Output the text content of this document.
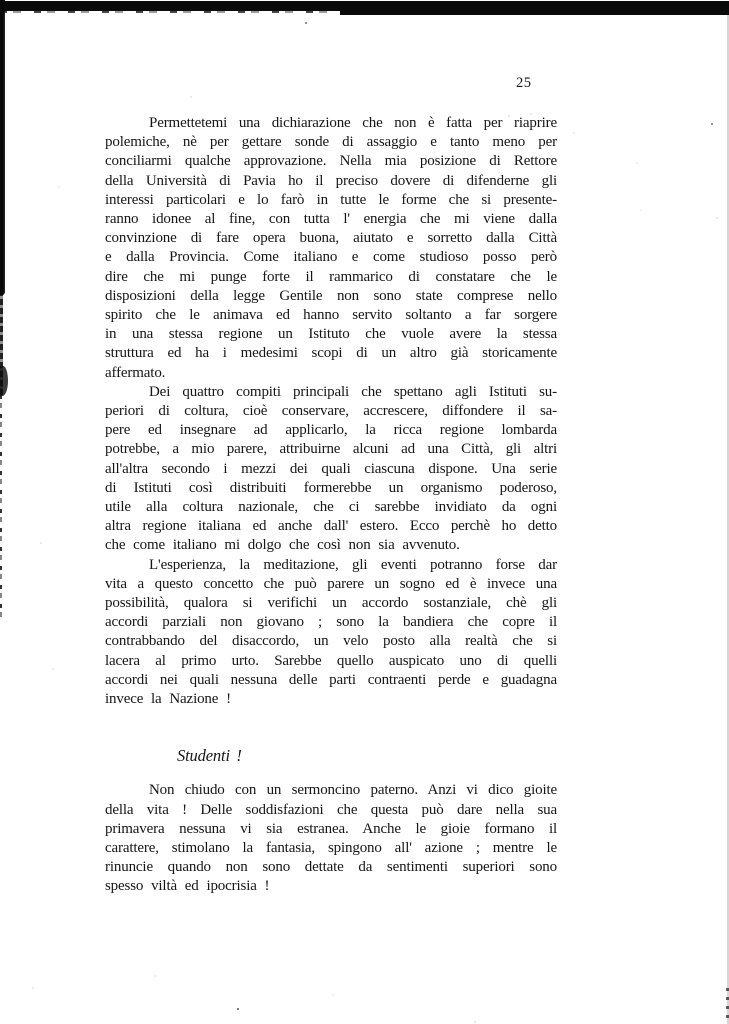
25
Permettetemi una dichiarazione che non è fatta per riaprire
polemiche, nè per gettare sonde di assaggio e tanto meno per
conciliarmi qualche approvazione. Nella mia posizione di Rettore
della Università di Pavia ho il preciso dovere di difenderne gli
interessi particolari e lo farò in tutte le forme che si presente-
ranno idonee al fine, con tutta l' energia che mi viene dalla
convinzione di fare opera buona, aiutato e sorretto dalla Città
e dalla Provincia. Come italiano e come studioso posso però
dire che mi punge forte il rammarico di constatare che le
disposizioni della legge Gentile non sono state comprese nello
spirito che le animava ed hanno servito soltanto a far sorgere
in una stessa regione un Istituto che vuole avere la stessa
struttura ed ha i medesimi scopi di un altro già storicamente
affermato.
Dei quattro compiti principali che spettano agli Istituti su-
periori di coltura, cioè conservare, accrescere, diffondere il sa-
pere ed insegnare ad applicarlo, la ricca regione lombarda
potrebbe, a mio parere, attribuirne alcuni ad una Città, gli altri
all'altra secondo i mezzi dei quali ciascuna dispone. Una serie
di Istituti così distribuiti formerebbe un organismo poderoso,
utile alla coltura nazionale, che ci sarebbe invidiato da ogni
altra regione italiana ed anche dall' estero. Ecco perchè ho detto
che come italiano mi dolgo che così non sia avvenuto.
L'esperienza, la meditazione, gli eventi potranno forse dar
vita a questo concetto che può parere un sogno ed è invece una
possibilità, qualora si verifichi un accordo sostanziale, chè gli
accordi parziali non giovano ; sono la bandiera che copre il
contrabbando del disaccordo, un velo posto alla realtà che si
lacera al primo urto. Sarebbe quello auspicato uno di quelli
accordi nei quali nessuna delle parti contraenti perde e guadagna
invece la Nazione !
Studenti !
Non chiudo con un sermoncino paterno. Anzi vi dico gioite
della vita ! Delle soddisfazioni che questa può dare nella sua
primavera nessuna vi sia estranea. Anche le gioie formano il
carattere, stimolano la fantasia, spingono all' azione ; mentre le
rinuncie quando non sono dettate da sentimenti superiori sono
spesso viltà ed ipocrisia !
